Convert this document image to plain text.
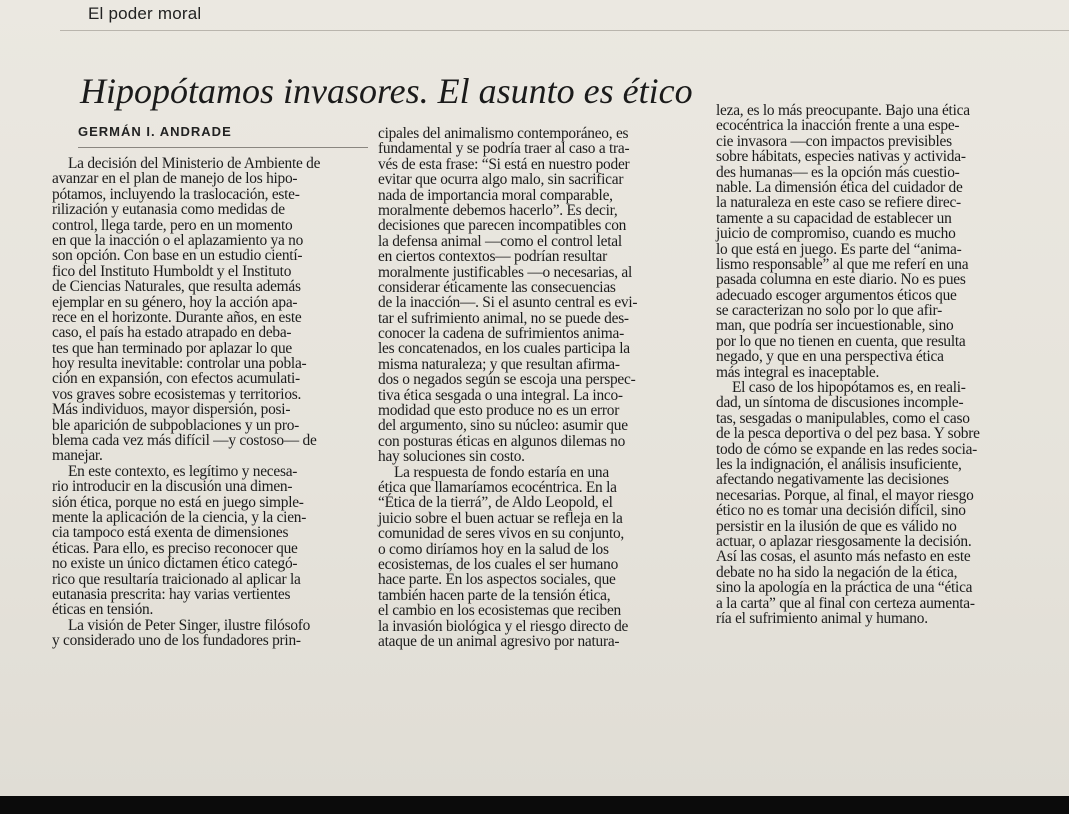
El poder moral
Hipopótamos invasores. El asunto es ético
GERMÁN I. ANDRADE
La decisión del Ministerio de Ambiente de
avanzar en el plan de manejo de los hipo-
pótamos, incluyendo la traslocación, este-
rilización y eutanasia como medidas de
control, llega tarde, pero en un momento
en que la inacción o el aplazamiento ya no
son opción. Con base en un estudio cientí-
fico del Instituto Humboldt y el Instituto
de Ciencias Naturales, que resulta además
ejemplar en su género, hoy la acción apa-
rece en el horizonte. Durante años, en este
caso, el país ha estado atrapado en deba-
tes que han terminado por aplazar lo que
hoy resulta inevitable: controlar una pobla-
ción en expansión, con efectos acumulati-
vos graves sobre ecosistemas y territorios.
Más individuos, mayor dispersión, posi-
ble aparición de subpoblaciones y un pro-
blema cada vez más difícil —y costoso— de
manejar.
En este contexto, es legítimo y necesa-
rio introducir en la discusión una dimen-
sión ética, porque no está en juego simple-
mente la aplicación de la ciencia, y la cien-
cia tampoco está exenta de dimensiones
éticas. Para ello, es preciso reconocer que
no existe un único dictamen ético categó-
rico que resultaría traicionado al aplicar la
eutanasia prescrita: hay varias vertientes
éticas en tensión.
La visión de Peter Singer, ilustre filósofo
y considerado uno de los fundadores prin-
cipales del animalismo contemporáneo, es
fundamental y se podría traer al caso a tra-
vés de esta frase: “Si está en nuestro poder
evitar que ocurra algo malo, sin sacrificar
nada de importancia moral comparable,
moralmente debemos hacerlo”. Es decir,
decisiones que parecen incompatibles con
la defensa animal —como el control letal
en ciertos contextos— podrían resultar
moralmente justificables —o necesarias, al
considerar éticamente las consecuencias
de la inacción—. Si el asunto central es evi-
tar el sufrimiento animal, no se puede des-
conocer la cadena de sufrimientos anima-
les concatenados, en los cuales participa la
misma naturaleza; y que resultan afirma-
dos o negados según se escoja una perspec-
tiva ética sesgada o una integral. La inco-
modidad que esto produce no es un error
del argumento, sino su núcleo: asumir que
con posturas éticas en algunos dilemas no
hay soluciones sin costo.
La respuesta de fondo estaría en una
ética que llamaríamos ecocéntrica. En la
“Ética de la tierrá”, de Aldo Leopold, el
juicio sobre el buen actuar se refleja en la
comunidad de seres vivos en su conjunto,
o como diríamos hoy en la salud de los
ecosistemas, de los cuales el ser humano
hace parte. En los aspectos sociales, que
también hacen parte de la tensión ética,
el cambio en los ecosistemas que reciben
la invasión biológica y el riesgo directo de
ataque de un animal agresivo por natura-
leza, es lo más preocupante. Bajo una ética
ecocéntrica la inacción frente a una espe-
cie invasora —con impactos previsibles
sobre hábitats, especies nativas y activida-
des humanas— es la opción más cuestio-
nable. La dimensión ética del cuidador de
la naturaleza en este caso se refiere direc-
tamente a su capacidad de establecer un
juicio de compromiso, cuando es mucho
lo que está en juego. Es parte del “anima-
lismo responsable” al que me referí en una
pasada columna en este diario. No es pues
adecuado escoger argumentos éticos que
se caracterizan no solo por lo que afir-
man, que podría ser incuestionable, sino
por lo que no tienen en cuenta, que resulta
negado, y que en una perspectiva ética
más integral es inaceptable.
El caso de los hipopótamos es, en reali-
dad, un síntoma de discusiones incomple-
tas, sesgadas o manipulables, como el caso
de la pesca deportiva o del pez basa. Y sobre
todo de cómo se expande en las redes socia-
les la indignación, el análisis insuficiente,
afectando negativamente las decisiones
necesarias. Porque, al final, el mayor riesgo
ético no es tomar una decisión difícil, sino
persistir en la ilusión de que es válido no
actuar, o aplazar riesgosamente la decisión.
Así las cosas, el asunto más nefasto en este
debate no ha sido la negación de la ética,
sino la apología en la práctica de una “ética
a la carta” que al final con certeza aumenta-
ría el sufrimiento animal y humano.
